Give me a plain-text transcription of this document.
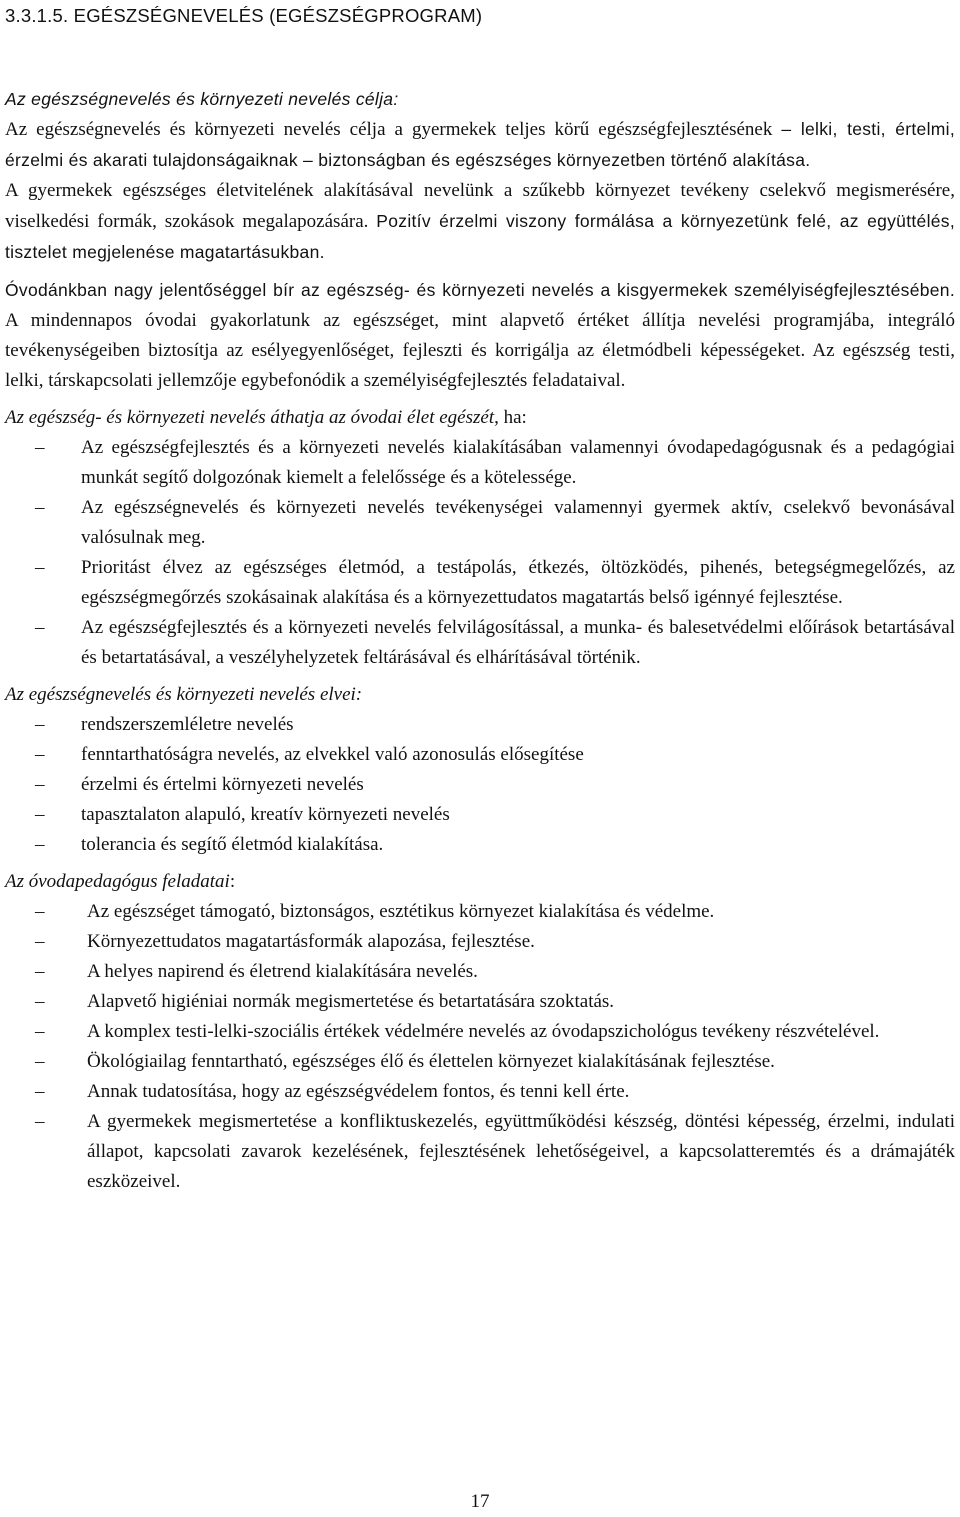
3.3.1.5. EGÉSZSÉGNEVELÉS (EGÉSZSÉGPROGRAM)
Az egészségnevelés és környezeti nevelés célja:

Az egészségnevelés és környezeti nevelés célja a gyermekek teljes körű egészségfejlesztésének – lelki, testi, értelmi, érzelmi és akarati tulajdonságaiknak – biztonságban és egészséges környezetben történő alakítása.

A gyermekek egészséges életvitelének alakításával nevelünk a szűkebb környezet tevékeny cselekvő megismerésére, viselkedési formák, szokások megalapozására. Pozitív érzelmi viszony formálása a környezetünk felé, az együttélés, tisztelet megjelenése magatartásukban.

Óvodánkban nagy jelentőséggel bír az egészség- és környezeti nevelés a kisgyermekek személyiségfejlesztésében. A mindennapos óvodai gyakorlatunk az egészséget, mint alapvető értéket állítja nevelési programjába, integráló tevékenységeiben biztosítja az esélyegyenlőséget, fejleszti és korrigálja az életmódbeli képességeket. Az egészség testi, lelki, társkapcsolati jellemzője egybefonódik a személyiségfejlesztés feladataival.

Az egészség- és környezeti nevelés áthatja az óvodai élet egészét, ha:

– Az egészségfejlesztés és a környezeti nevelés kialakításában valamennyi óvodapedagógusnak és a pedagógiai munkát segítő dolgozónak kiemelt a felelőssége és a kötelessége.
– Az egészségnevelés és környezeti nevelés tevékenységei valamennyi gyermek aktív, cselekvő bevonásával valósulnak meg.
– Prioritást élvez az egészséges életmód, a testápolás, étkezés, öltözködés, pihenés, betegségmegelőzés, az egészségmegőrzés szokásainak alakítása és a környezettudatos magatartás belső igénnyé fejlesztése.
– Az egészségfejlesztés és a környezeti nevelés felvilágosítással, a munka- és balesetvédelmi előírások betartásával és betartatásával, a veszélyhelyzetek feltárásával és elhárításával történik.

Az egészségnevelés és környezeti nevelés elvei:

– rendszerszemléletre nevelés
– fenntarthatóságra nevelés, az elvekkel való azonosulás elősegítése
– érzelmi és értelmi környezeti nevelés
– tapasztalaton alapuló, kreatív környezeti nevelés
– tolerancia és segítő életmód kialakítása.

Az óvodapedagógus feladatai:

– Az egészséget támogató, biztonságos, esztétikus környezet kialakítása és védelme.
– Környezettudatos magatartásformák alapozása, fejlesztése.
– A helyes napirend és életrend kialakítására nevelés.
– Alapvető higiéniai normák megismertetése és betartatására szoktatás.
– A komplex testi-lelki-szociális értékek védelmére nevelés az óvodapszichológus tevékeny részvételével.
– Ökológiailag fenntartható, egészséges élő és élettelen környezet kialakításának fejlesztése.
– Annak tudatosítása, hogy az egészségvédelem fontos, és tenni kell érte.
– A gyermekek megismertetése a konfliktuskezelés, együttműködési készség, döntési képesség, érzelmi, indulati állapot, kapcsolati zavarok kezelésének, fejlesztésének lehetőségeivel, a kapcsolatteremtés és a drámajáték eszközeivel.
17
